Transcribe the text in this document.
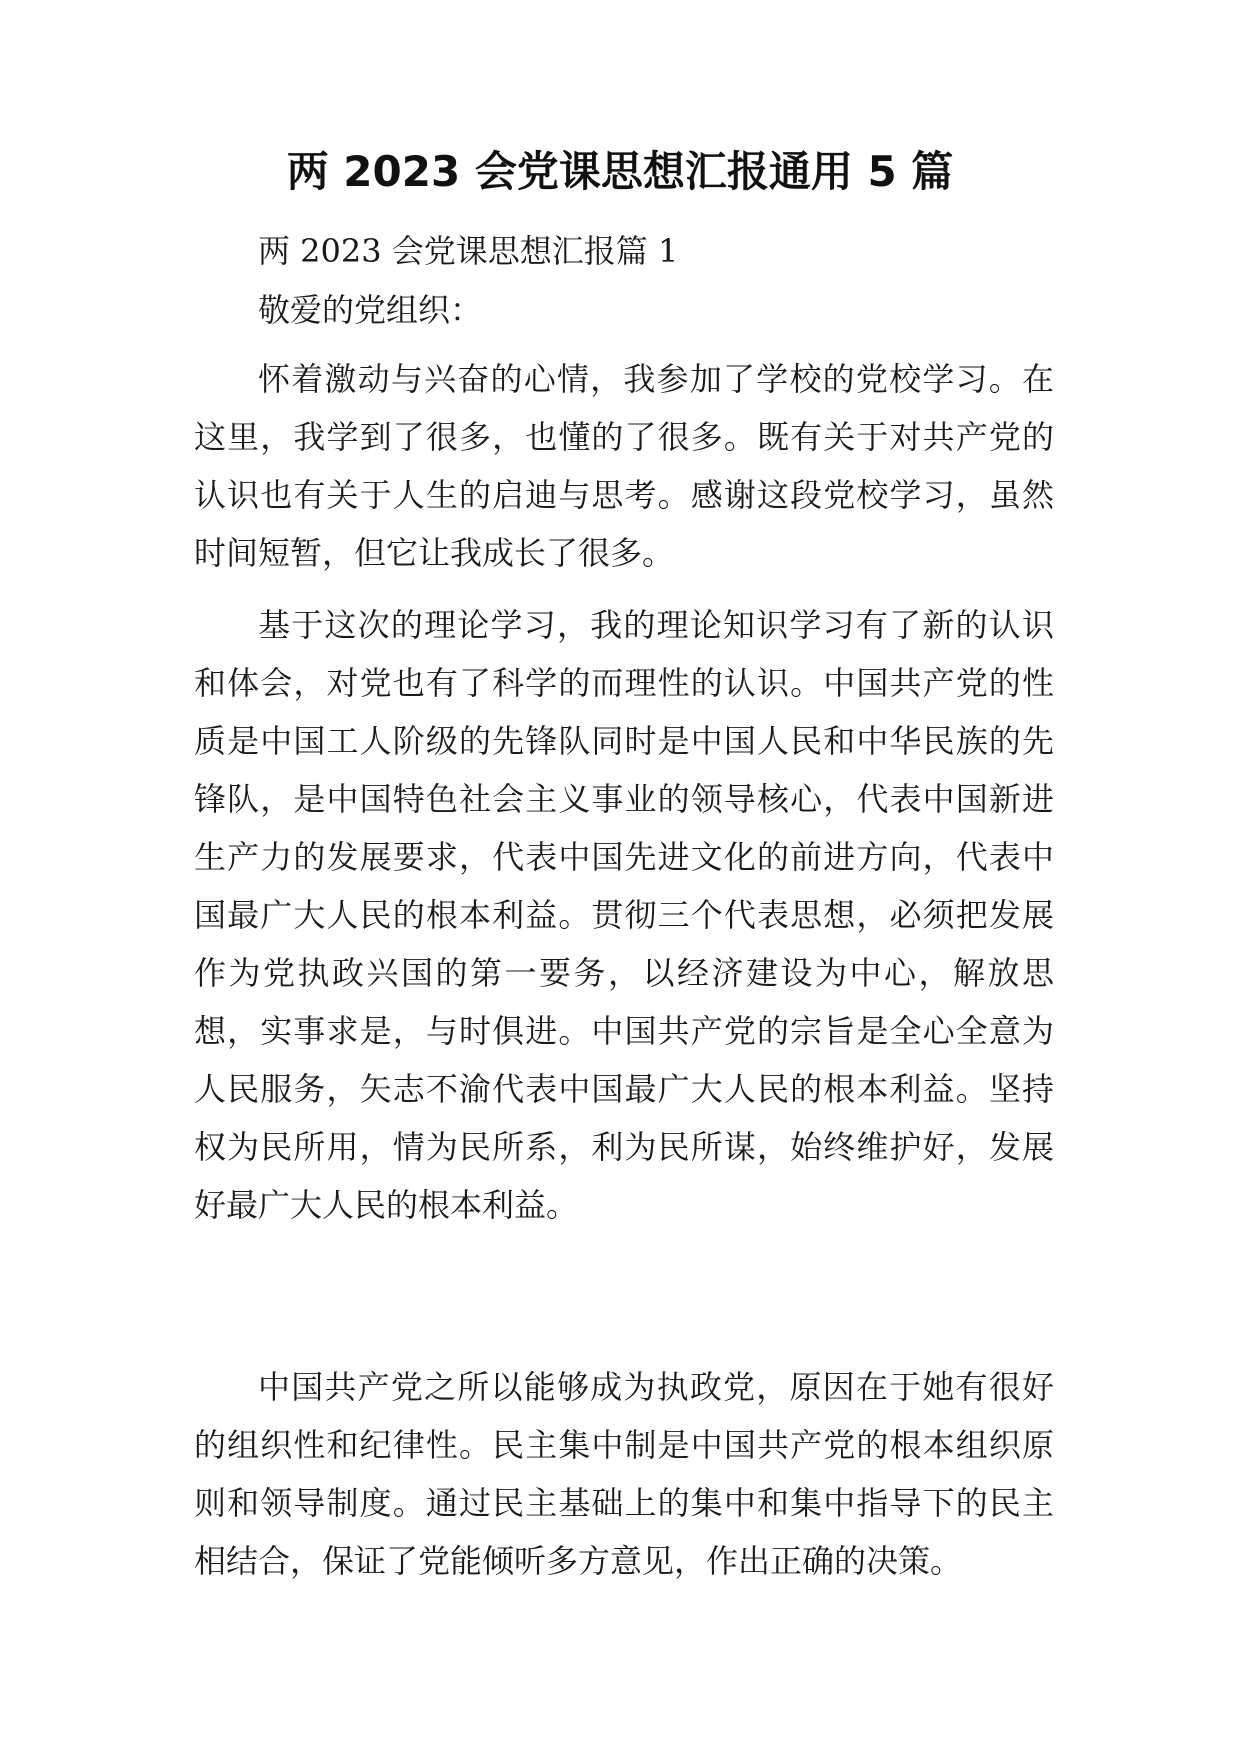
两 2023 会党课思想汇报通用 5 篇
两 2023 会党课思想汇报篇 1
敬爱的党组织：

怀着激动与兴奋的心情，我参加了学校的党校学习。在这里，我学到了很多，也懂的了很多。既有关于对共产党的认识也有关于人生的启迪与思考。感谢这段党校学习，虽然时间短暂，但它让我成长了很多。

基于这次的理论学习，我的理论知识学习有了新的认识和体会，对党也有了科学的而理性的认识。中国共产党的性质是中国工人阶级的先锋队同时是中国人民和中华民族的先锋队，是中国特色社会主义事业的领导核心，代表中国新进生产力的发展要求，代表中国先进文化的前进方向，代表中国最广大人民的根本利益。贯彻三个代表思想，必须把发展作为党执政兴国的第一要务，以经济建设为中心，解放思想，实事求是，与时俱进。中国共产党的宗旨是全心全意为人民服务，矢志不渝代表中国最广大人民的根本利益。坚持权为民所用，情为民所系，利为民所谋，始终维护好，发展好最广大人民的根本利益。

中国共产党之所以能够成为执政党，原因在于她有很好的组织性和纪律性。民主集中制是中国共产党的根本组织原则和领导制度。通过民主基础上的集中和集中指导下的民主相结合，保证了党能倾听多方意见，作出正确的决策。
